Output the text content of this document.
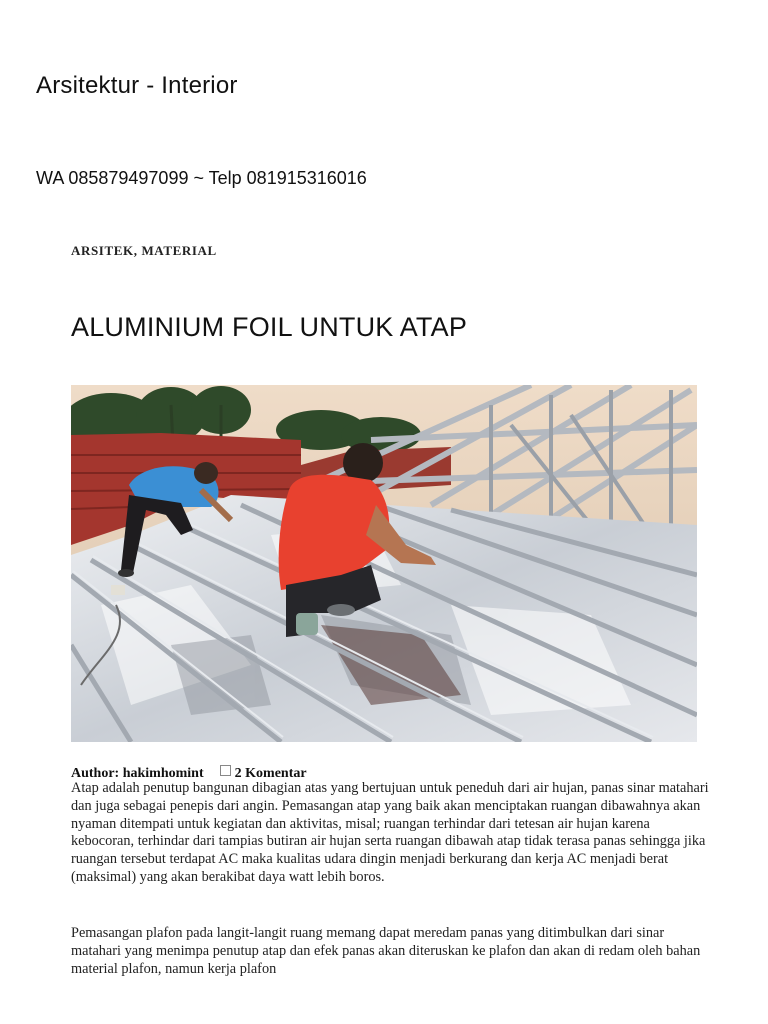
Arsitektur - Interior

WA 085879497099 ~ Telp 081915316016

ARSITEK, MATERIAL
ALUMINIUM FOIL UNTUK ATAP
Author: hakimhomint 2 Komentar

Atap adalah penutup bangunan dibagian atas yang bertujuan untuk peneduh dari air hujan, panas sinar matahari dan juga sebagai penepis dari angin. Pemasangan atap yang baik akan menciptakan ruangan dibawahnya akan nyaman ditempati untuk kegiatan dan aktivitas, misal; ruangan terhindar dari tetesan air hujan karena kebocoran, terhindar dari tampias butiran air hujan serta ruangan dibawah atap tidak terasa panas sehingga jika ruangan tersebut terdapat AC maka kualitas udara dingin menjadi berkurang dan kerja AC menjadi berat (maksimal) yang akan berakibat daya watt lebih boros.

Pemasangan plafon pada langit-langit ruang memang dapat meredam panas yang ditimbulkan dari sinar matahari yang menimpa penutup atap dan efek panas akan diteruskan ke plafon dan akan di redam oleh bahan material plafon, namun kerja plafon
